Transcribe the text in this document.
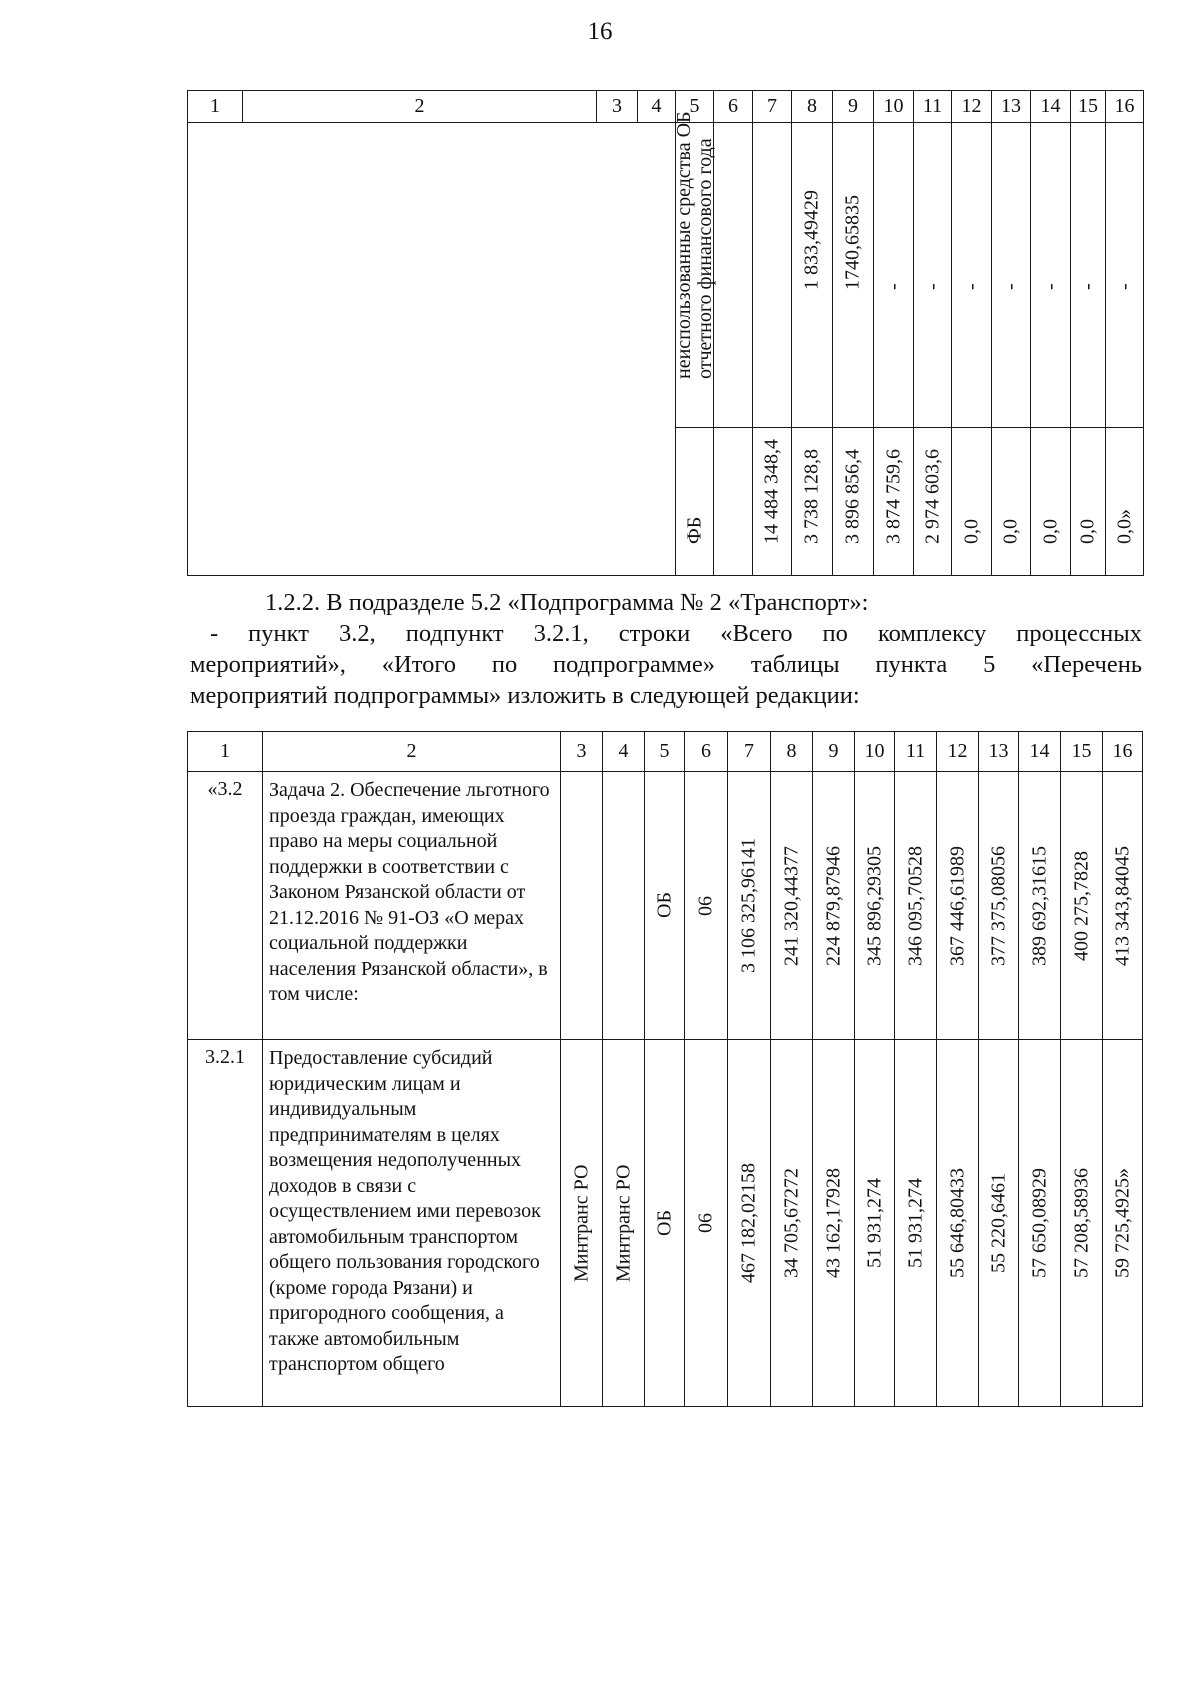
16
1	2	3	4	5	6	7	8	9	10	11	12	13	14	15	16

				неиспользованные средства ОБ отчетного финансового года			1 833,49429	1740,65835	-	-	-	-	-	-	-

				ФБ		14 484 348,4	3 738 128,8	3 896 856,4	3 874 759,6	2 974 603,6	0,0	0,0	0,0	0,0	0,0»
1.2.2. В подразделе 5.2 «Подпрограмма № 2 «Транспорт»:
- пункт 3.2, подпункт 3.2.1, строки «Всего по комплексу процессных
мероприятий», «Итого по подпрограмме» таблицы пункта 5 «Перечень
мероприятий подпрограммы» изложить в следующей редакции:
1	2	3	4	5	6	7	8	9	10	11	12	13	14	15	16
«3.2	Задача 2. Обеспечение льготного проезда граждан, имеющих право на меры социальной поддержки в соответствии с Законом Рязанской области от 21.12.2016 № 91-ОЗ «О мерах социальной поддержки населения Рязанской области», в том числе:			ОБ	06	3 106 325,96141	241 320,44377	224 879,87946	345 896,29305	346 095,70528	367 446,61989	377 375,08056	389 692,31615	400 275,7828	413 343,84045

3.2.1	Предоставление субсидий юридическим лицам и индивидуальным предпринимателям в целях возмещения недополученных доходов в связи с осуществлением ими перевозок автомобильным транспортом общего пользования городского (кроме города Рязани) и пригородного сообщения, а также автомобильным транспортом общего	Минтранс РО	Минтранс РО	ОБ	06	467 182,02158	34 705,67272	43 162,17928	51 931,274	51 931,274	55 646,80433	55 220,6461	57 650,08929	57 208,58936	59 725,4925»
